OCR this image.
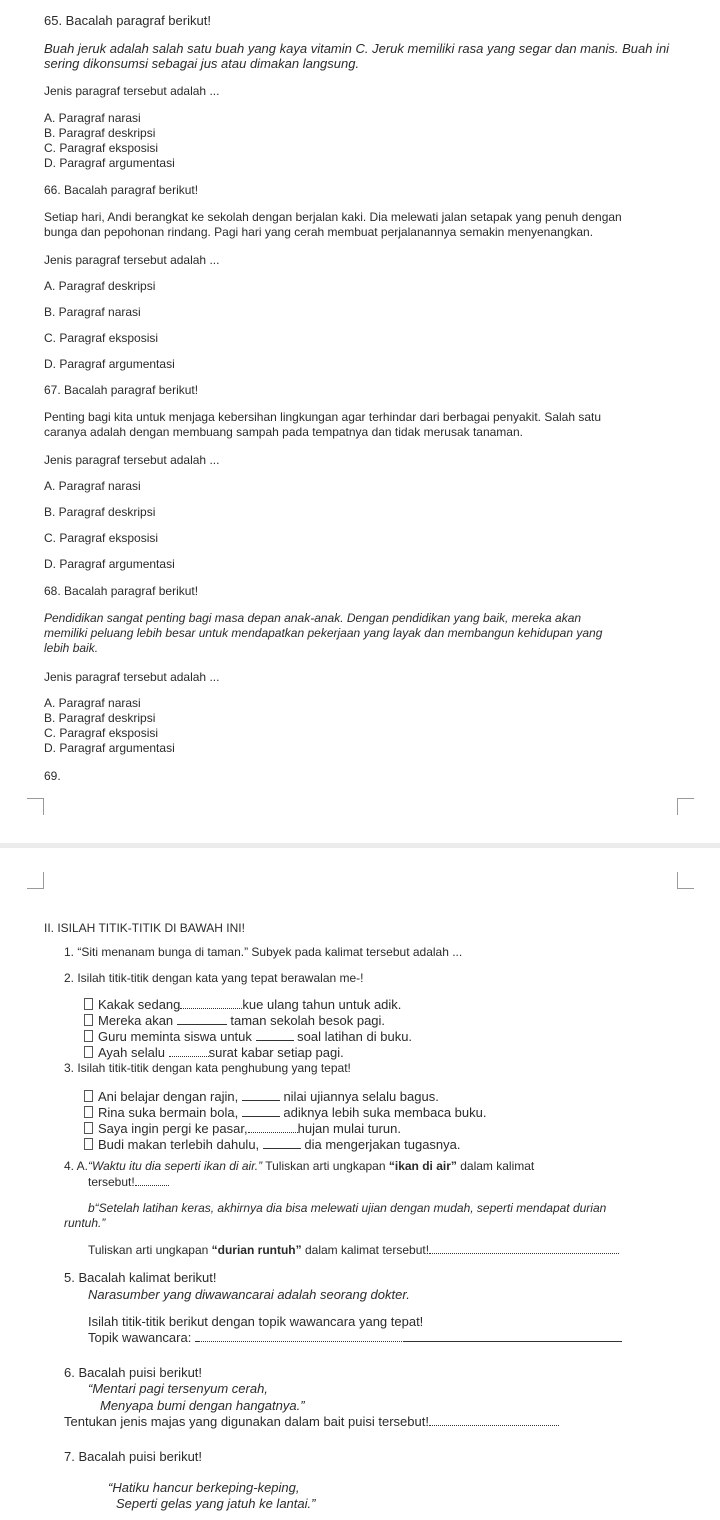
65. Bacalah paragraf berikut!
Buah jeruk adalah salah satu buah yang kaya vitamin C. Jeruk memiliki rasa yang segar dan manis. Buah ini
sering dikonsumsi sebagai jus atau dimakan langsung.
Jenis paragraf tersebut adalah ...
A. Paragraf narasi
B. Paragraf deskripsi
C. Paragraf eksposisi
D. Paragraf argumentasi
66. Bacalah paragraf berikut!
Setiap hari, Andi berangkat ke sekolah dengan berjalan kaki. Dia melewati jalan setapak yang penuh dengan
bunga dan pepohonan rindang. Pagi hari yang cerah membuat perjalanannya semakin menyenangkan.
Jenis paragraf tersebut adalah ...
A. Paragraf deskripsi
B. Paragraf narasi
C. Paragraf eksposisi
D. Paragraf argumentasi
67. Bacalah paragraf berikut!
Penting bagi kita untuk menjaga kebersihan lingkungan agar terhindar dari berbagai penyakit. Salah satu
caranya adalah dengan membuang sampah pada tempatnya dan tidak merusak tanaman.
Jenis paragraf tersebut adalah ...
A. Paragraf narasi
B. Paragraf deskripsi
C. Paragraf eksposisi
D. Paragraf argumentasi
68. Bacalah paragraf berikut!
Pendidikan sangat penting bagi masa depan anak-anak. Dengan pendidikan yang baik, mereka akan
memiliki peluang lebih besar untuk mendapatkan pekerjaan yang layak dan membangun kehidupan yang
lebih baik.
Jenis paragraf tersebut adalah ...
A. Paragraf narasi
B. Paragraf deskripsi
C. Paragraf eksposisi
D. Paragraf argumentasi
69.
II. ISILAH TITIK-TITIK DI BAWAH INI!
1. “Siti menanam bunga di taman.” Subyek pada kalimat tersebut adalah ...
2. Isilah titik-titik dengan kata yang tepat berawalan me-!
Kakak sedang	kue ulang tahun untuk adik.
Mereka akan	taman sekolah besok pagi.
Guru meminta siswa untuk	soal latihan di buku.
Ayah selalu	surat kabar setiap pagi.
3. Isilah titik-titik dengan kata penghubung yang tepat!
Ani belajar dengan rajin,	nilai ujiannya selalu bagus.
Rina suka bermain bola,	adiknya lebih suka membaca buku.
Saya ingin pergi ke pasar,	hujan mulai turun.
Budi makan terlebih dahulu,	dia mengerjakan tugasnya.
4. A.“Waktu itu dia seperti ikan di air.” Tuliskan arti ungkapan “ikan di air” dalam kalimat
tersebut!
b“Setelah latihan keras, akhirnya dia bisa melewati ujian dengan mudah, seperti mendapat durian
runtuh.”
Tuliskan arti ungkapan “durian runtuh” dalam kalimat tersebut!
5. Bacalah kalimat berikut!
Narasumber yang diwawancarai adalah seorang dokter.
Isilah titik-titik berikut dengan topik wawancara yang tepat!
Topik wawancara:
6. Bacalah puisi berikut!
“Mentari pagi tersenyum cerah,
Menyapa bumi dengan hangatnya.”
Tentukan jenis majas yang digunakan dalam bait puisi tersebut!
7. Bacalah puisi berikut!
“Hatiku hancur berkeping-keping,
Seperti gelas yang jatuh ke lantai.”
